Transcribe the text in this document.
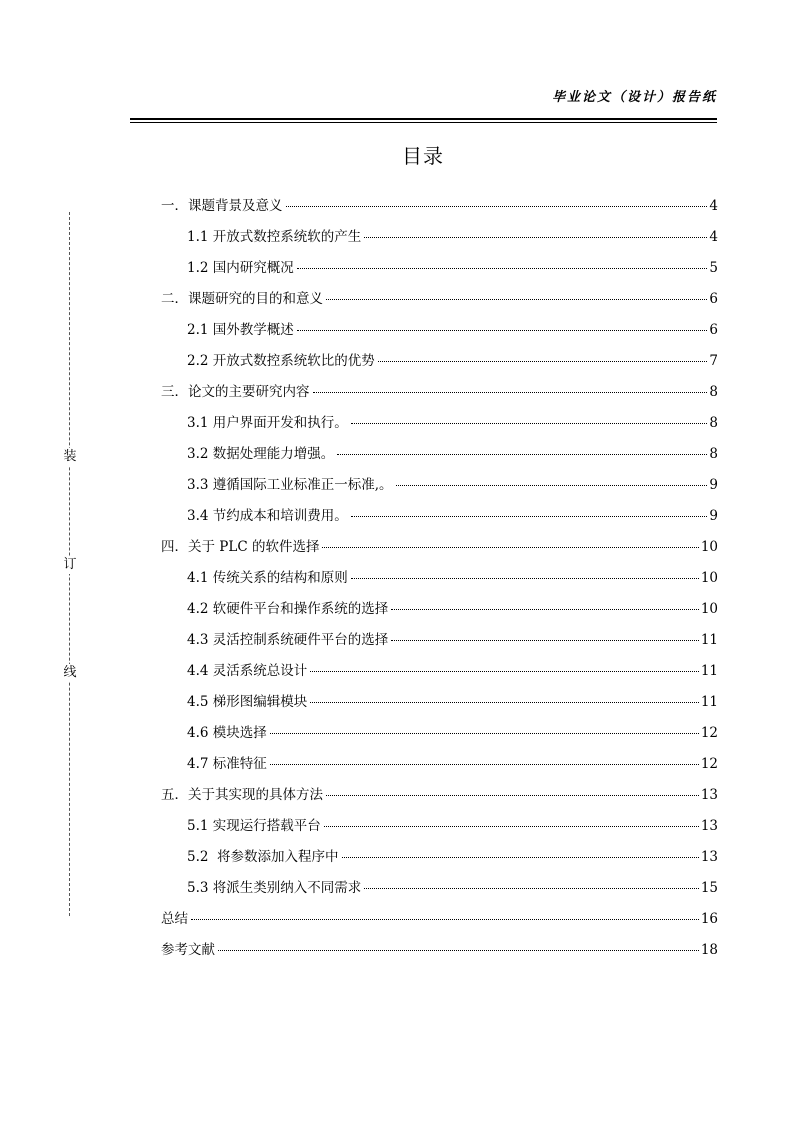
毕业论文（设计）报告纸
目录
装
订
线
一．课题背景及意义	4
1.1 开放式数控系统软的产生	4
1.2 国内研究概况	5
二．课题研究的目的和意义	6
2.1 国外教学概述	6
2.2 开放式数控系统软比的优势	7
三．论文的主要研究内容	8
3.1 用户界面开发和执行。	8
3.2 数据处理能力增强。	8
3.3 遵循国际工业标准正一标准,。	9
3.4 节约成本和培训费用。	9
四．关于 PLC 的软件选择	10
4.1 传统关系的结构和原则	10
4.2 软硬件平台和操作系统的选择	10
4.3 灵活控制系统硬件平台的选择	11
4.4 灵活系统总设计	11
4.5 梯形图编辑模块	11
4.6 模块选择	12
4.7 标准特征	12
五．关于其实现的具体方法	13
5.1 实现运行搭载平台	13
5.2  将参数添加入程序中	13
5.3 将派生类别纳入不同需求	15
总结	16
参考文献	18
